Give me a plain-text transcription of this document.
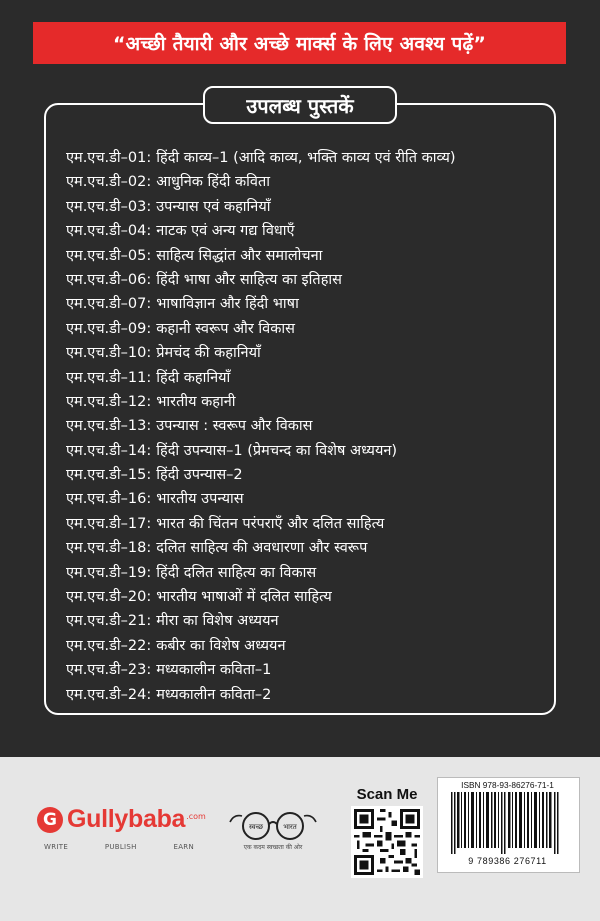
“अच्छी तैयारी और अच्छे मार्क्स के लिए अवश्य पढ़ें”
उपलब्ध पुस्तकें
एम.एच.डी–01: हिंदी काव्य–1 (आदि काव्य, भक्ति काव्य एवं रीति काव्य)
एम.एच.डी–02: आधुनिक हिंदी कविता
एम.एच.डी–03: उपन्यास एवं कहानियाँ
एम.एच.डी–04: नाटक एवं अन्य गद्य विधाएँ
एम.एच.डी–05: साहित्य सिद्धांत और समालोचना
एम.एच.डी–06: हिंदी भाषा और साहित्य का इतिहास
एम.एच.डी–07: भाषाविज्ञान और हिंदी भाषा
एम.एच.डी–09: कहानी स्वरूप और विकास
एम.एच.डी–10: प्रेमचंद की कहानियाँ
एम.एच.डी–11: हिंदी कहानियाँ
एम.एच.डी–12: भारतीय कहानी
एम.एच.डी–13: उपन्यास : स्वरूप और विकास
एम.एच.डी–14: हिंदी उपन्यास–1 (प्रेमचन्द का विशेष अध्ययन)
एम.एच.डी–15: हिंदी उपन्यास–2
एम.एच.डी–16: भारतीय उपन्यास
एम.एच.डी–17: भारत की चिंतन परंपराएँ और दलित साहित्य
एम.एच.डी–18: दलित साहित्य की अवधारणा और स्वरूप
एम.एच.डी–19: हिंदी दलित साहित्य का विकास
एम.एच.डी–20: भारतीय भाषाओं में दलित साहित्य
एम.एच.डी–21: मीरा का विशेष अध्ययन
एम.एच.डी–22: कबीर का विशेष अध्ययन
एम.एच.डी–23: मध्यकालीन कविता–1
एम.एच.डी–24: मध्यकालीन कविता–2
G Gullybaba .com
WRITE	PUBLISH	EARN
स्वच्छ	भारत
एक कदम स्वच्छता की ओर
Scan Me
ISBN 978-93-86276-71-1
9 789386 276711
